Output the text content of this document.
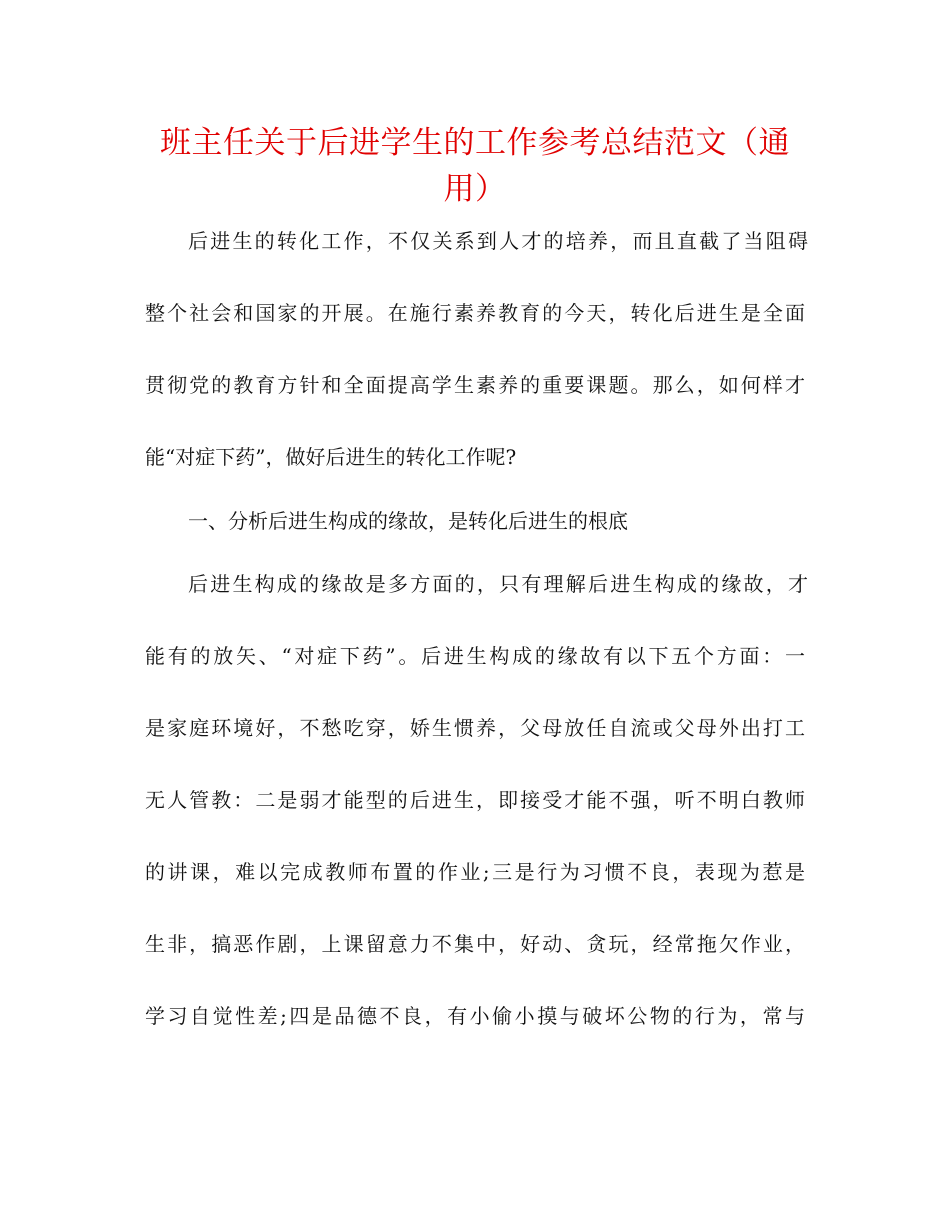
班主任关于后进学生的工作参考总结范文（通用）

后进生的转化工作，不仅关系到人才的培养，而且直截了当阻碍

整个社会和国家的开展。在施行素养教育的今天，转化后进生是全面

贯彻党的教育方针和全面提高学生素养的重要课题。那么，如何样才

能“对症下药”，做好后进生的转化工作呢?

一、分析后进生构成的缘故，是转化后进生的根底

后进生构成的缘故是多方面的，只有理解后进生构成的缘故，才

能有的放矢、“对症下药”。后进生构成的缘故有以下五个方面：一

是家庭环境好，不愁吃穿，娇生惯养，父母放任自流或父母外出打工

无人管教：二是弱才能型的后进生，即接受才能不强，听不明白教师

的讲课，难以完成教师布置的作业;三是行为习惯不良，表现为惹是

生非，搞恶作剧，上课留意力不集中，好动、贪玩，经常拖欠作业，

学习自觉性差;四是品德不良，有小偷小摸与破坏公物的行为，常与
